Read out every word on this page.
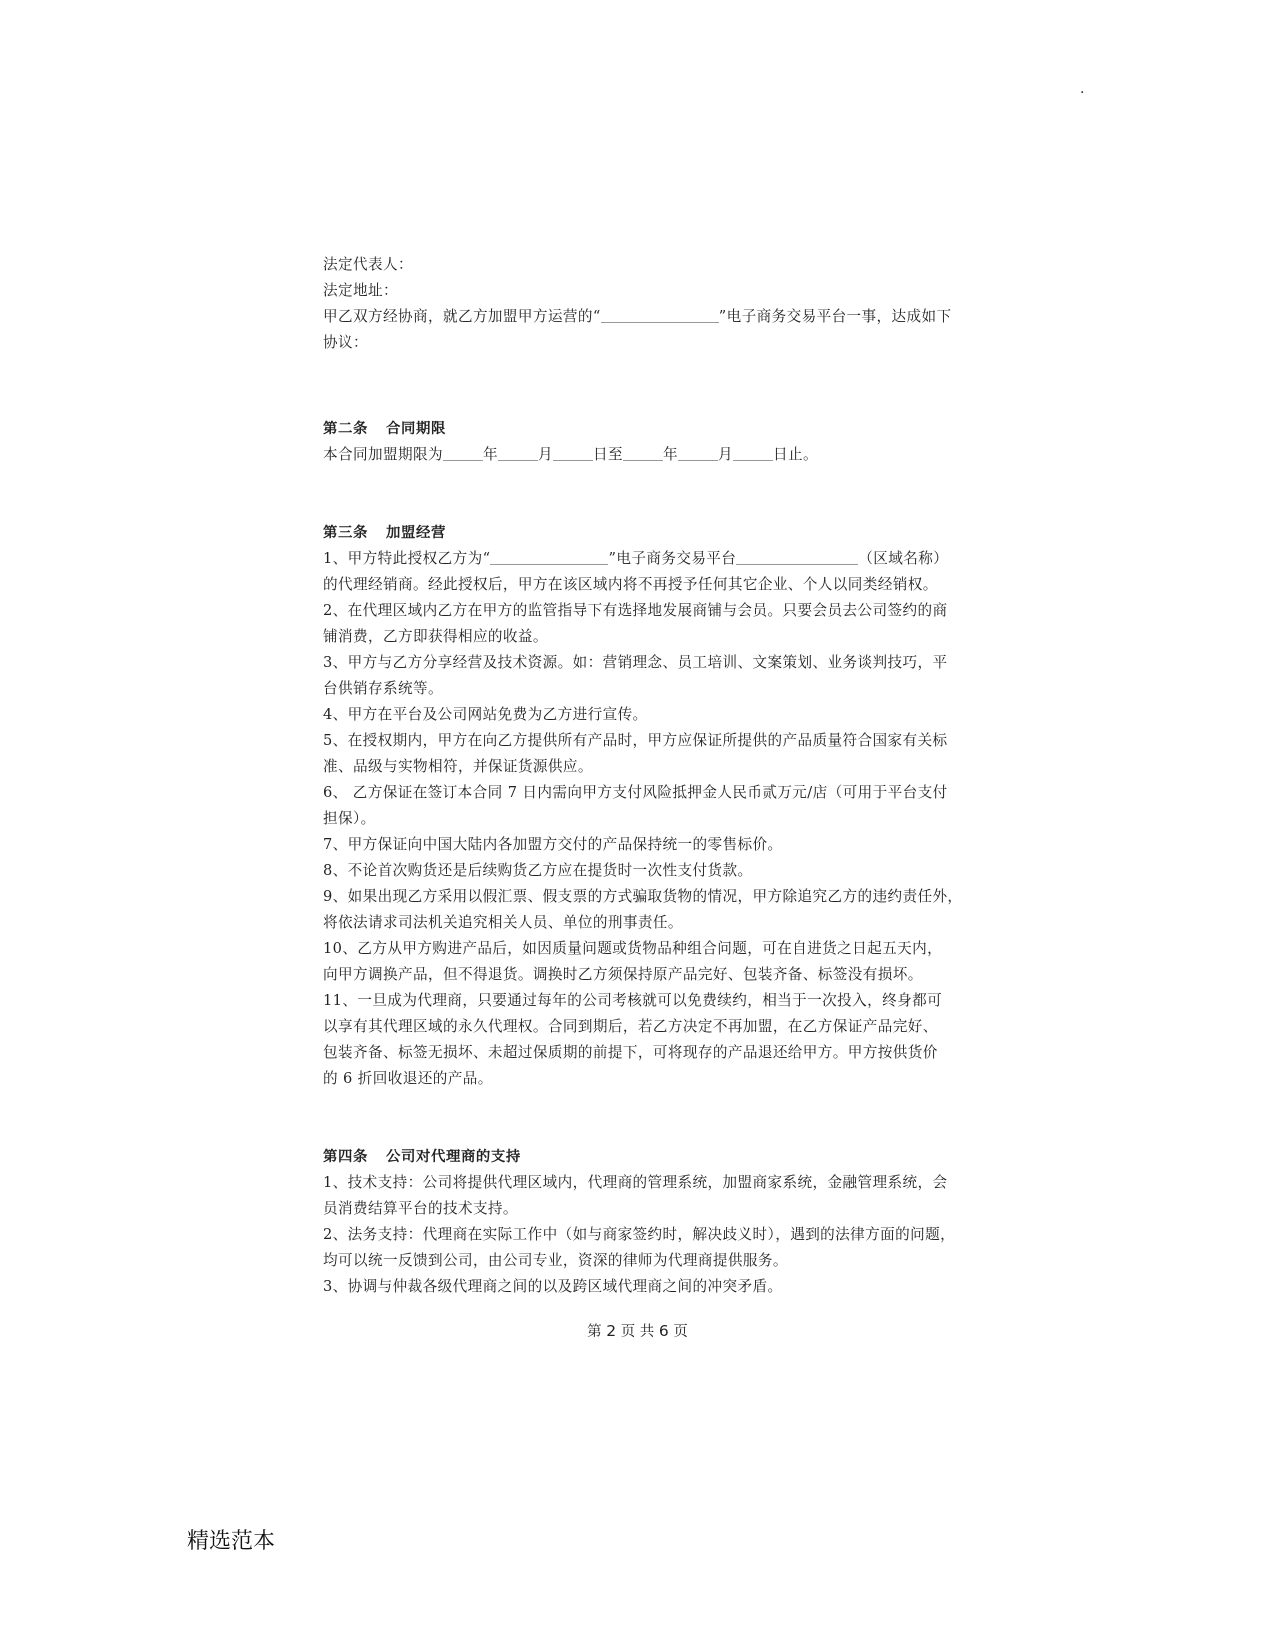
.

法定代表人：

法定地址：

甲乙双方经协商，就乙方加盟甲方运营的“	”电子商务交易平台一事，达成如下

协议：

第二条 合同期限

本合同加盟期限为	年	月	日至	年	月	日止。

第三条 加盟经营

1、甲方特此授权乙方为“	”电子商务交易平台	（区域名称）

的代理经销商。经此授权后，甲方在该区域内将不再授予任何其它企业、个人以同类经销权。

2、在代理区域内乙方在甲方的监管指导下有选择地发展商铺与会员。只要会员去公司签约的商

铺消费，乙方即获得相应的收益。

3、甲方与乙方分享经营及技术资源。如：营销理念、员工培训、文案策划、业务谈判技巧，平

台供销存系统等。

4、甲方在平台及公司网站免费为乙方进行宣传。

5、在授权期内，甲方在向乙方提供所有产品时，甲方应保证所提供的产品质量符合国家有关标

准、品级与实物相符，并保证货源供应。

6、 乙方保证在签订本合同 7 日内需向甲方支付风险抵押金人民币贰万元/店（可用于平台支付

担保）。

7、甲方保证向中国大陆内各加盟方交付的产品保持统一的零售标价。

8、不论首次购货还是后续购货乙方应在提货时一次性支付货款。

9、如果出现乙方采用以假汇票、假支票的方式骗取货物的情况，甲方除追究乙方的违约责任外，

将依法请求司法机关追究相关人员、单位的刑事责任。

10、乙方从甲方购进产品后，如因质量问题或货物品种组合问题，可在自进货之日起五天内，

向甲方调换产品，但不得退货。调换时乙方须保持原产品完好、包装齐备、标签没有损坏。

11、一旦成为代理商，只要通过每年的公司考核就可以免费续约，相当于一次投入，终身都可

以享有其代理区域的永久代理权。合同到期后，若乙方决定不再加盟，在乙方保证产品完好、

包装齐备、标签无损坏、未超过保质期的前提下，可将现存的产品退还给甲方。甲方按供货价

的 6 折回收退还的产品。

第四条 公司对代理商的支持

1、技术支持：公司将提供代理区域内，代理商的管理系统，加盟商家系统，金融管理系统，会

员消费结算平台的技术支持。

2、法务支持：代理商在实际工作中（如与商家签约时，解决歧义时），遇到的法律方面的问题，

均可以统一反馈到公司，由公司专业，资深的律师为代理商提供服务。

3、协调与仲裁各级代理商之间的以及跨区域代理商之间的冲突矛盾。

第 2 页 共 6 页
精选范本
